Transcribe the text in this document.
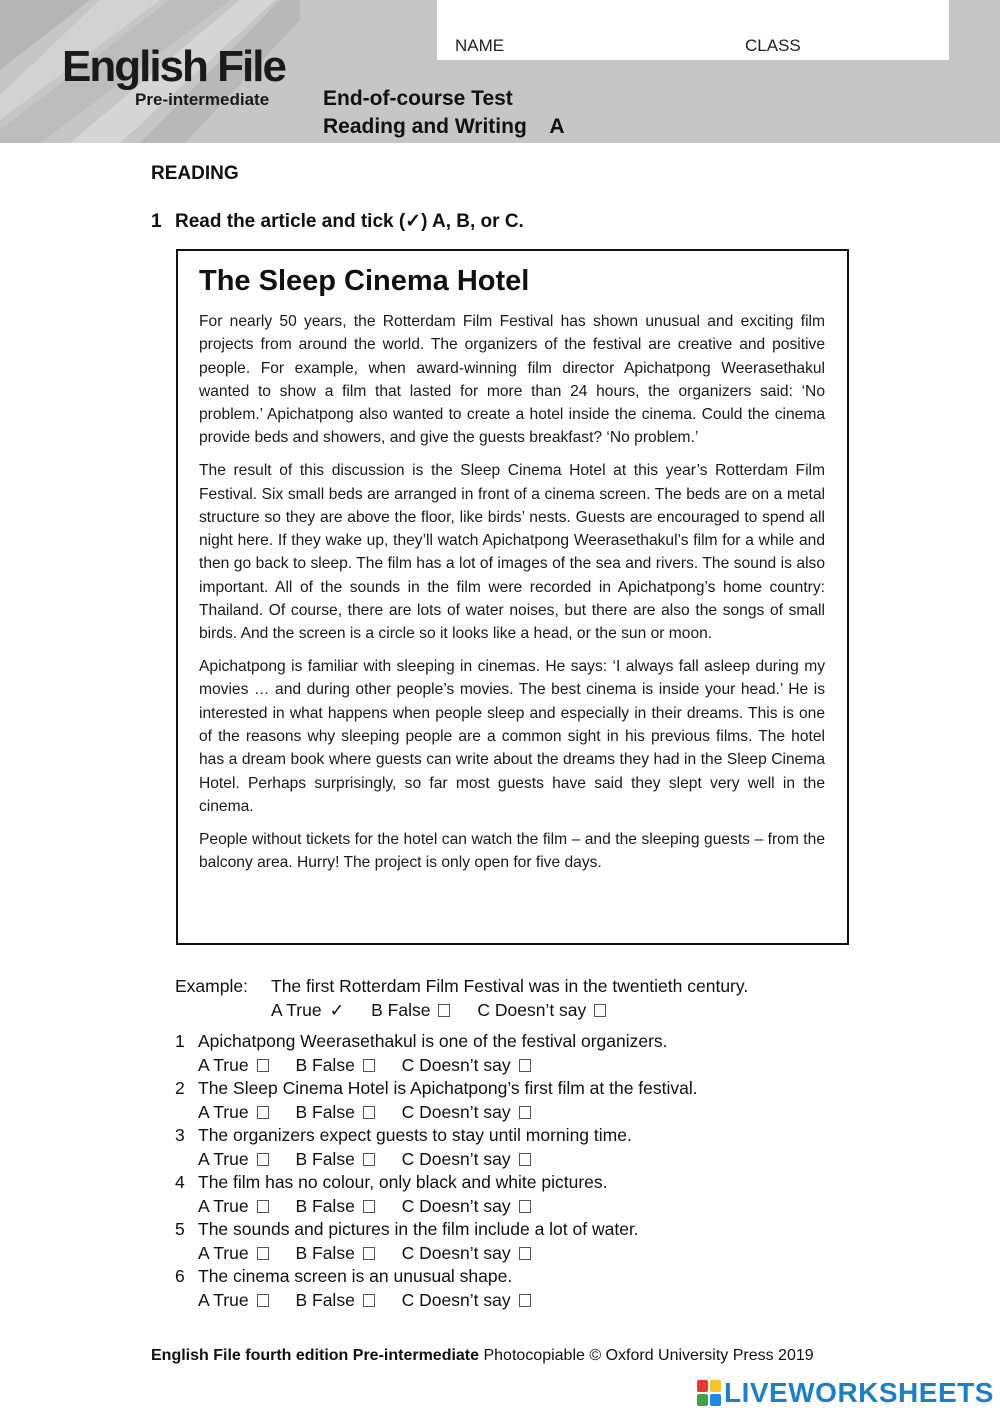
English File
Pre-intermediate
NAME	CLASS
End-of-course Test
Reading and Writing    A
READING
1 Read the article and tick (✓) A, B, or C.
The Sleep Cinema Hotel

For nearly 50 years, the Rotterdam Film Festival has shown unusual and exciting film projects from around the world. The organizers of the festival are creative and positive people. For example, when award-winning film director Apichatpong Weerasethakul wanted to show a film that lasted for more than 24 hours, the organizers said: ‘No problem.’ Apichatpong also wanted to create a hotel inside the cinema. Could the cinema provide beds and showers, and give the guests breakfast? ‘No problem.’

The result of this discussion is the Sleep Cinema Hotel at this year’s Rotterdam Film Festival. Six small beds are arranged in front of a cinema screen. The beds are on a metal structure so they are above the floor, like birds’ nests. Guests are encouraged to spend all night here. If they wake up, they’ll watch Apichatpong Weerasethakul’s film for a while and then go back to sleep. The film has a lot of images of the sea and rivers. The sound is also important. All of the sounds in the film were recorded in Apichatpong’s home country: Thailand. Of course, there are lots of water noises, but there are also the songs of small birds. And the screen is a circle so it looks like a head, or the sun or moon.

Apichatpong is familiar with sleeping in cinemas. He says: ‘I always fall asleep during my movies … and during other people’s movies. The best cinema is inside your head.’ He is interested in what happens when people sleep and especially in their dreams. This is one of the reasons why sleeping people are a common sight in his previous films. The hotel has a dream book where guests can write about the dreams they had in the Sleep Cinema Hotel. Perhaps surprisingly, so far most guests have said they slept very well in the cinema.

People without tickets for the hotel can watch the film – and the sleeping guests – from the balcony area. Hurry! The project is only open for five days.

Example: The first Rotterdam Film Festival was in the twentieth century.
A True ✓ B False	C Doesn’t say
1 Apichatpong Weerasethakul is one of the festival organizers.
A True	B False	C Doesn’t say
2 The Sleep Cinema Hotel is Apichatpong’s first film at the festival.
A True	B False	C Doesn’t say
3 The organizers expect guests to stay until morning time.
A True	B False	C Doesn’t say
4 The film has no colour, only black and white pictures.
A True	B False	C Doesn’t say
5 The sounds and pictures in the film include a lot of water.
A True	B False	C Doesn’t say
6 The cinema screen is an unusual shape.
A True	B False	C Doesn’t say
English File fourth edition Pre-intermediate Photocopiable © Oxford University Press 2019
LIVEWORKSHEETS
